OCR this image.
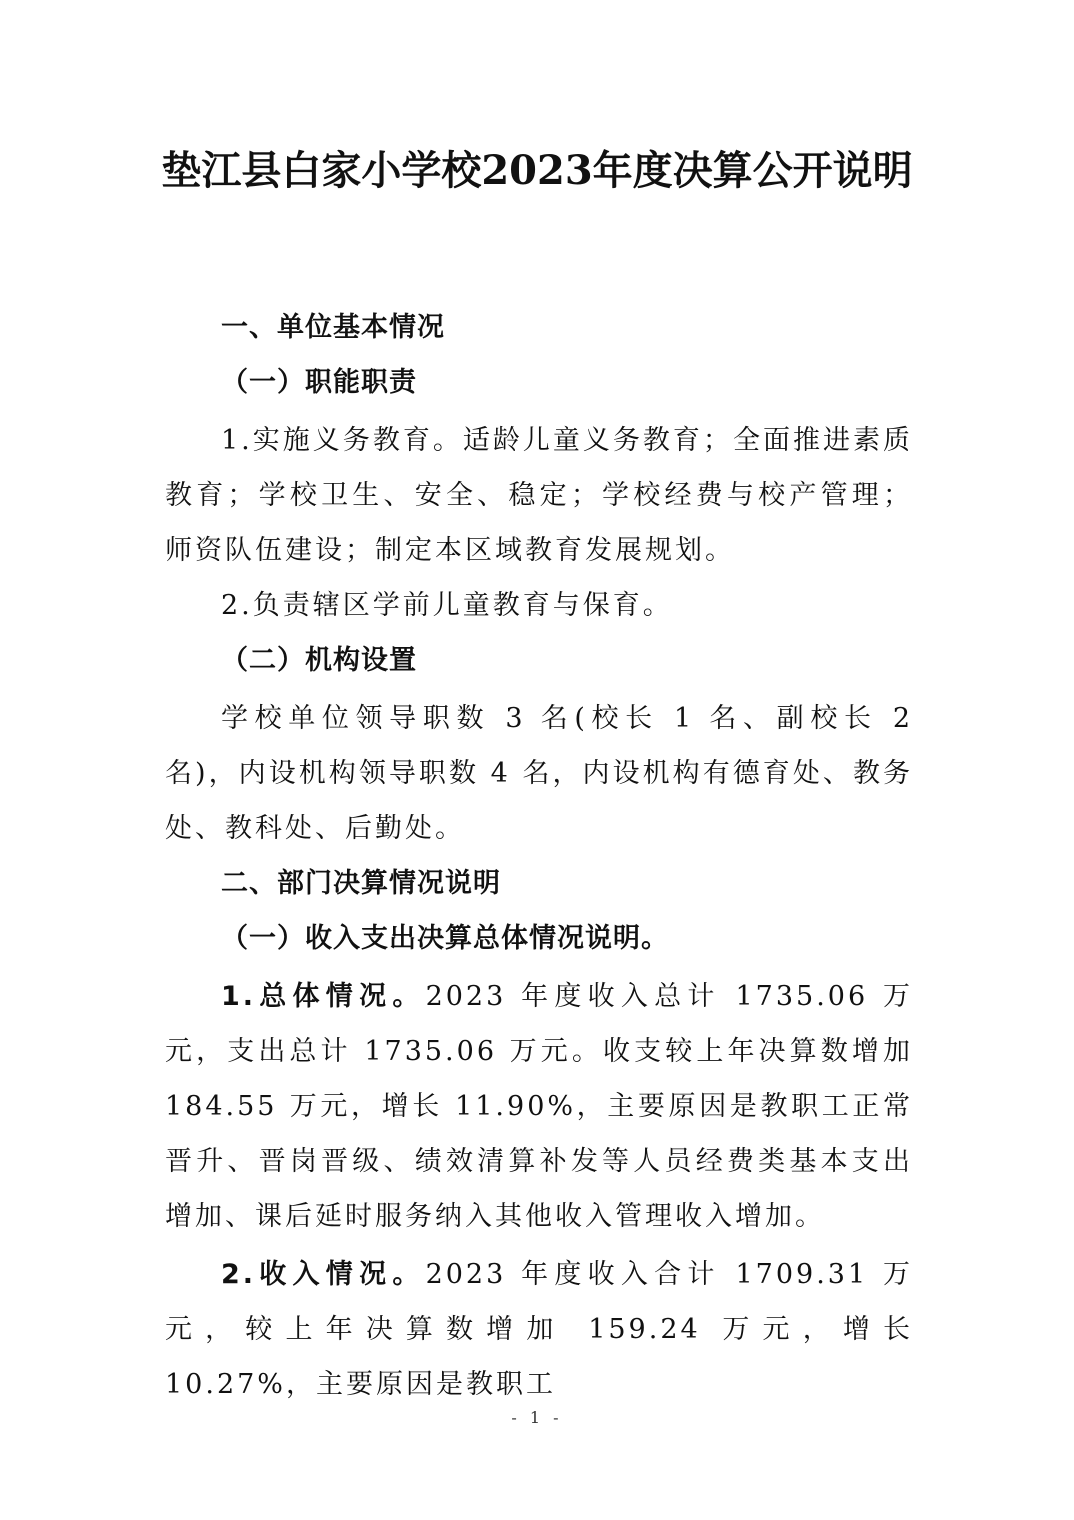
垫江县白家小学校2023年度决算公开说明

一、单位基本情况

（一）职能职责

1.实施义务教育。适龄儿童义务教育；全面推进素质教育；学校卫生、安全、稳定；学校经费与校产管理；师资队伍建设；制定本区域教育发展规划。

2.负责辖区学前儿童教育与保育。

（二）机构设置

学校单位领导职数 3 名(校长 1 名、副校长 2 名)，内设机构领导职数 4 名，内设机构有德育处、教务处、教科处、后勤处。

二、部门决算情况说明

（一）收入支出决算总体情况说明。

1.总体情况。2023 年度收入总计 1735.06 万元，支出总计 1735.06 万元。收支较上年决算数增加 184.55 万元，增长 11.90%，主要原因是教职工正常晋升、晋岗晋级、绩效清算补发等人员经费类基本支出增加、课后延时服务纳入其他收入管理收入增加。

2.收入情况。2023 年度收入合计 1709.31 万元，较上年决算数增加 159.24 万元，增长 10.27%，主要原因是教职工

- 1 -
